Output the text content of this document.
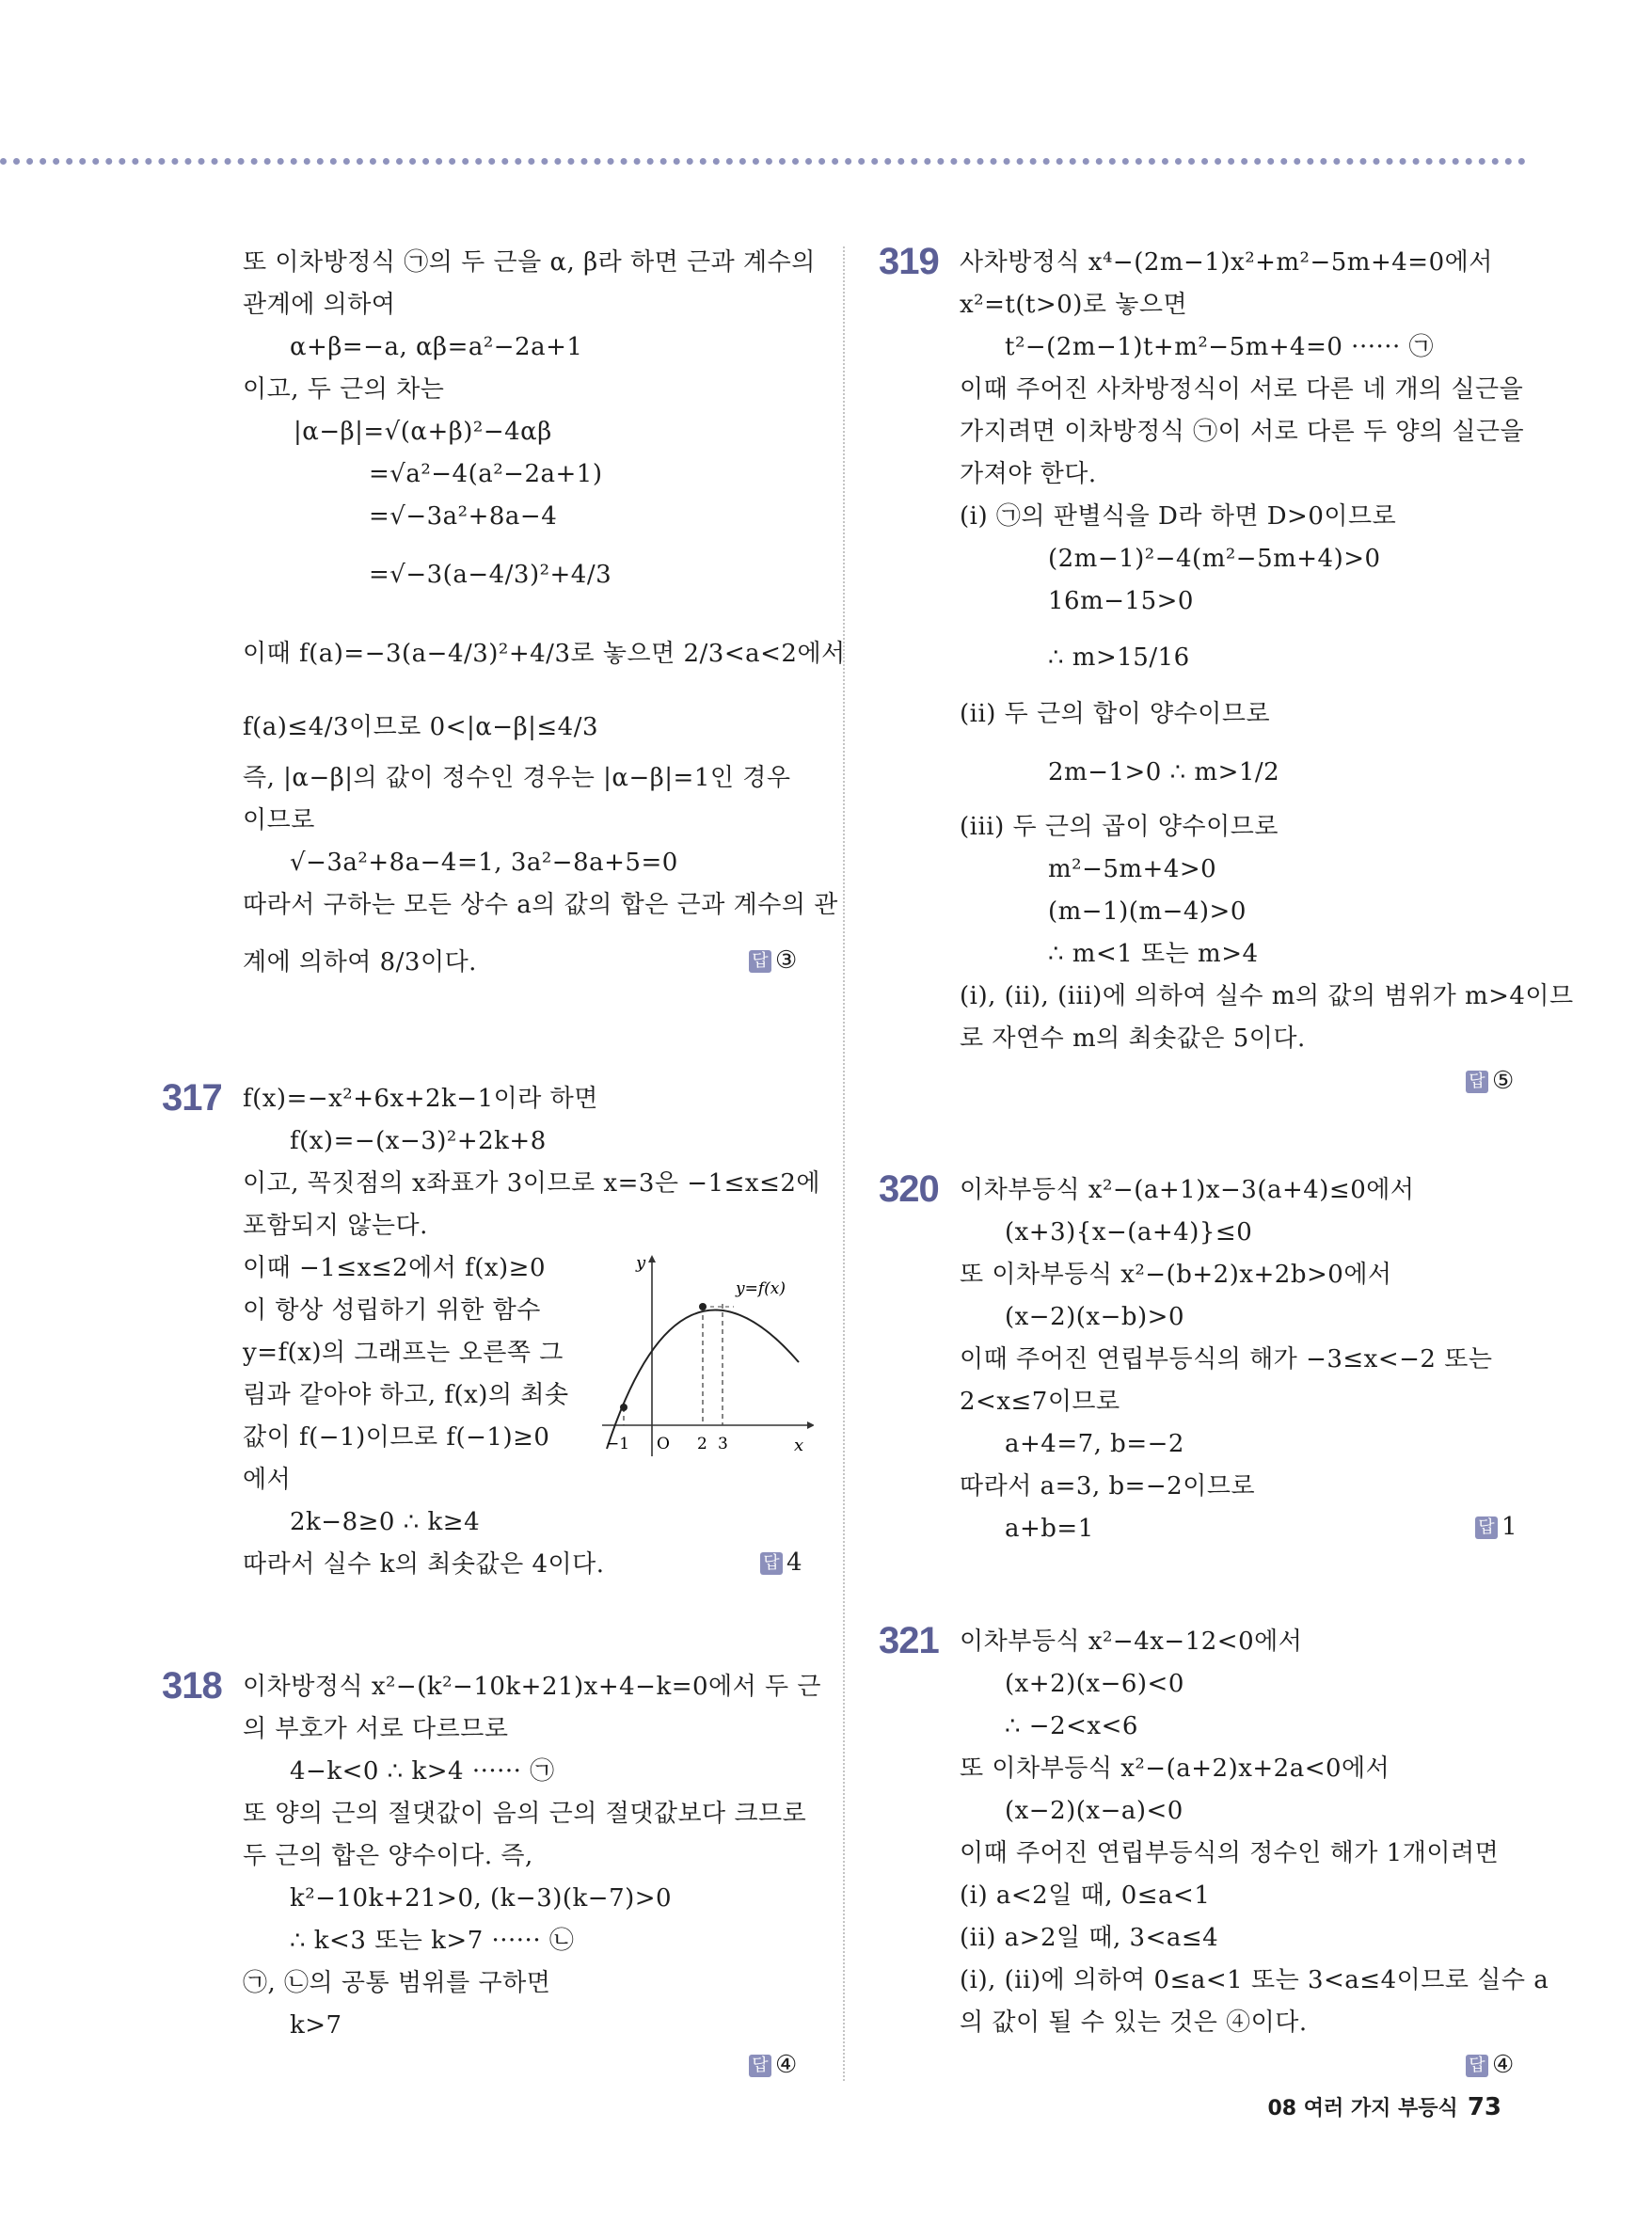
또 이차방정식 ㉠의 두 근을 α, β라 하면 근과 계수의
관계에 의하여
α+β=−a, αβ=a²−2a+1
이고, 두 근의 차는
|α−β|=√(α+β)²−4αβ
=√a²−4(a²−2a+1)
=√−3a²+8a−4
=√−3(a−4/3)²+4/3
이때 f(a)=−3(a−4/3)²+4/3로 놓으면 2/3<a<2에서
f(a)≤4/3이므로 0<|α−β|≤4/3
즉, |α−β|의 값이 정수인 경우는 |α−β|=1인 경우
이므로
√−3a²+8a−4=1, 3a²−8a+5=0
따라서 구하는 모든 상수 a의 값의 합은 근과 계수의 관
계에 의하여 8/3이다.	답 ③
317 f(x)=−x²+6x+2k−1이라 하면
f(x)=−(x−3)²+2k+8
이고, 꼭짓점의 x좌표가 3이므로 x=3은 −1≤x≤2에
포함되지 않는다.
이때 −1≤x≤2에서 f(x)≥0
이 항상 성립하기 위한 함수
y=f(x)의 그래프는 오른쪽 그
림과 같아야 하고, f(x)의 최솟
값이 f(−1)이므로 f(−1)≥0
에서
2k−8≥0 ∴ k≥4
따라서 실수 k의 최솟값은 4이다.	답 4
y
x
y=f(x)
−1 O 2 3
318 이차방정식 x²−(k²−10k+21)x+4−k=0에서 두 근
의 부호가 서로 다르므로
4−k<0 ∴ k>4 ······ ㉠
또 양의 근의 절댓값이 음의 근의 절댓값보다 크므로
두 근의 합은 양수이다. 즉,
k²−10k+21>0, (k−3)(k−7)>0
∴ k<3 또는 k>7 ······ ㉡
㉠, ㉡의 공통 범위를 구하면
k>7
답 ④
319 사차방정식 x⁴−(2m−1)x²+m²−5m+4=0에서
x²=t(t>0)로 놓으면
t²−(2m−1)t+m²−5m+4=0 ······ ㉠
이때 주어진 사차방정식이 서로 다른 네 개의 실근을
가지려면 이차방정식 ㉠이 서로 다른 두 양의 실근을
가져야 한다.
(i) ㉠의 판별식을 D라 하면 D>0이므로
(2m−1)²−4(m²−5m+4)>0
16m−15>0
∴ m>15/16
(ii) 두 근의 합이 양수이므로
2m−1>0 ∴ m>1/2
(iii) 두 근의 곱이 양수이므로
m²−5m+4>0
(m−1)(m−4)>0
∴ m<1 또는 m>4
(i), (ii), (iii)에 의하여 실수 m의 값의 범위가 m>4이므
로 자연수 m의 최솟값은 5이다.
답 ⑤
320 이차부등식 x²−(a+1)x−3(a+4)≤0에서
(x+3){x−(a+4)}≤0
또 이차부등식 x²−(b+2)x+2b>0에서
(x−2)(x−b)>0
이때 주어진 연립부등식의 해가 −3≤x<−2 또는
2<x≤7이므로
a+4=7, b=−2
따라서 a=3, b=−2이므로
a+b=1	답 1
321 이차부등식 x²−4x−12<0에서
(x+2)(x−6)<0
∴ −2<x<6
또 이차부등식 x²−(a+2)x+2a<0에서
(x−2)(x−a)<0
이때 주어진 연립부등식의 정수인 해가 1개이려면
(i) a<2일 때, 0≤a<1
(ii) a>2일 때, 3<a≤4
(i), (ii)에 의하여 0≤a<1 또는 3<a≤4이므로 실수 a
의 값이 될 수 있는 것은 ④이다.
답 ④
08 여러 가지 부등식 73
